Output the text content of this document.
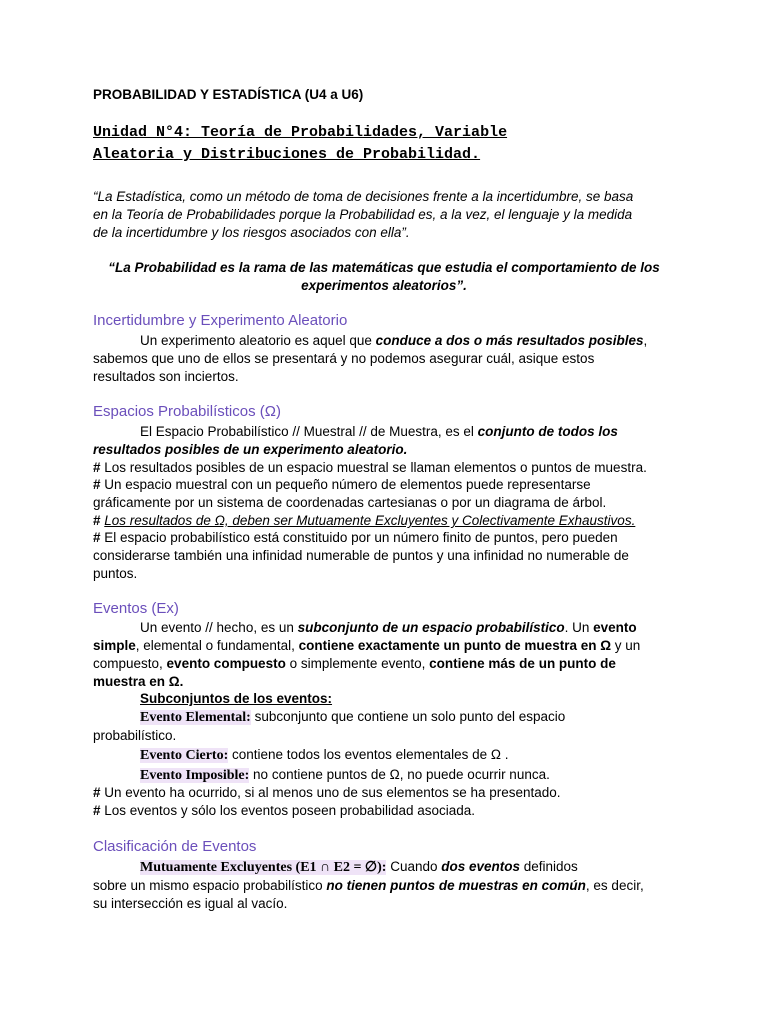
PROBABILIDAD Y ESTADÍSTICA (U4 a U6)
Unidad N°4: Teoría de Probabilidades, Variable
Aleatoria y Distribuciones de Probabilidad.
“La Estadística, como un método de toma de decisiones frente a la incertidumbre, se basa
en la Teoría de Probabilidades porque la Probabilidad es, a la vez, el lenguaje y la medida
de la incertidumbre y los riesgos asociados con ella”.
“La Probabilidad es la rama de las matemáticas que estudia el comportamiento de los
experimentos aleatorios”.
Incertidumbre y Experimento Aleatorio
Un experimento aleatorio es aquel que conduce a dos o más resultados posibles,
sabemos que uno de ellos se presentará y no podemos asegurar cuál, asique estos
resultados son inciertos.
Espacios Probabilísticos (Ω)
El Espacio Probabilístico // Muestral // de Muestra, es el conjunto de todos los
resultados posibles de un experimento aleatorio.
# Los resultados posibles de un espacio muestral se llaman elementos o puntos de muestra.
# Un espacio muestral con un pequeño número de elementos puede representarse
gráficamente por un sistema de coordenadas cartesianas o por un diagrama de árbol.
# Los resultados de Ω, deben ser Mutuamente Excluyentes y Colectivamente Exhaustivos.
# El espacio probabilístico está constituido por un número finito de puntos, pero pueden
considerarse también una infinidad numerable de puntos y una infinidad no numerable de
puntos.
Eventos (Ex)
Un evento // hecho, es un subconjunto de un espacio probabilístico. Un evento
simple, elemental o fundamental, contiene exactamente un punto de muestra en Ω y un
compuesto, evento compuesto o simplemente evento, contiene más de un punto de
muestra en Ω.
Subconjuntos de los eventos:
Evento Elemental: subconjunto que contiene un solo punto del espacio
probabilístico.
Evento Cierto: contiene todos los eventos elementales de Ω .
Evento Imposible: no contiene puntos de Ω, no puede ocurrir nunca.
# Un evento ha ocurrido, si al menos uno de sus elementos se ha presentado.
# Los eventos y sólo los eventos poseen probabilidad asociada.
Clasificación de Eventos
Mutuamente Excluyentes (E1 ∩ E2 = ∅): Cuando dos eventos definidos
sobre un mismo espacio probabilístico no tienen puntos de muestras en común, es decir,
su intersección es igual al vacío.
